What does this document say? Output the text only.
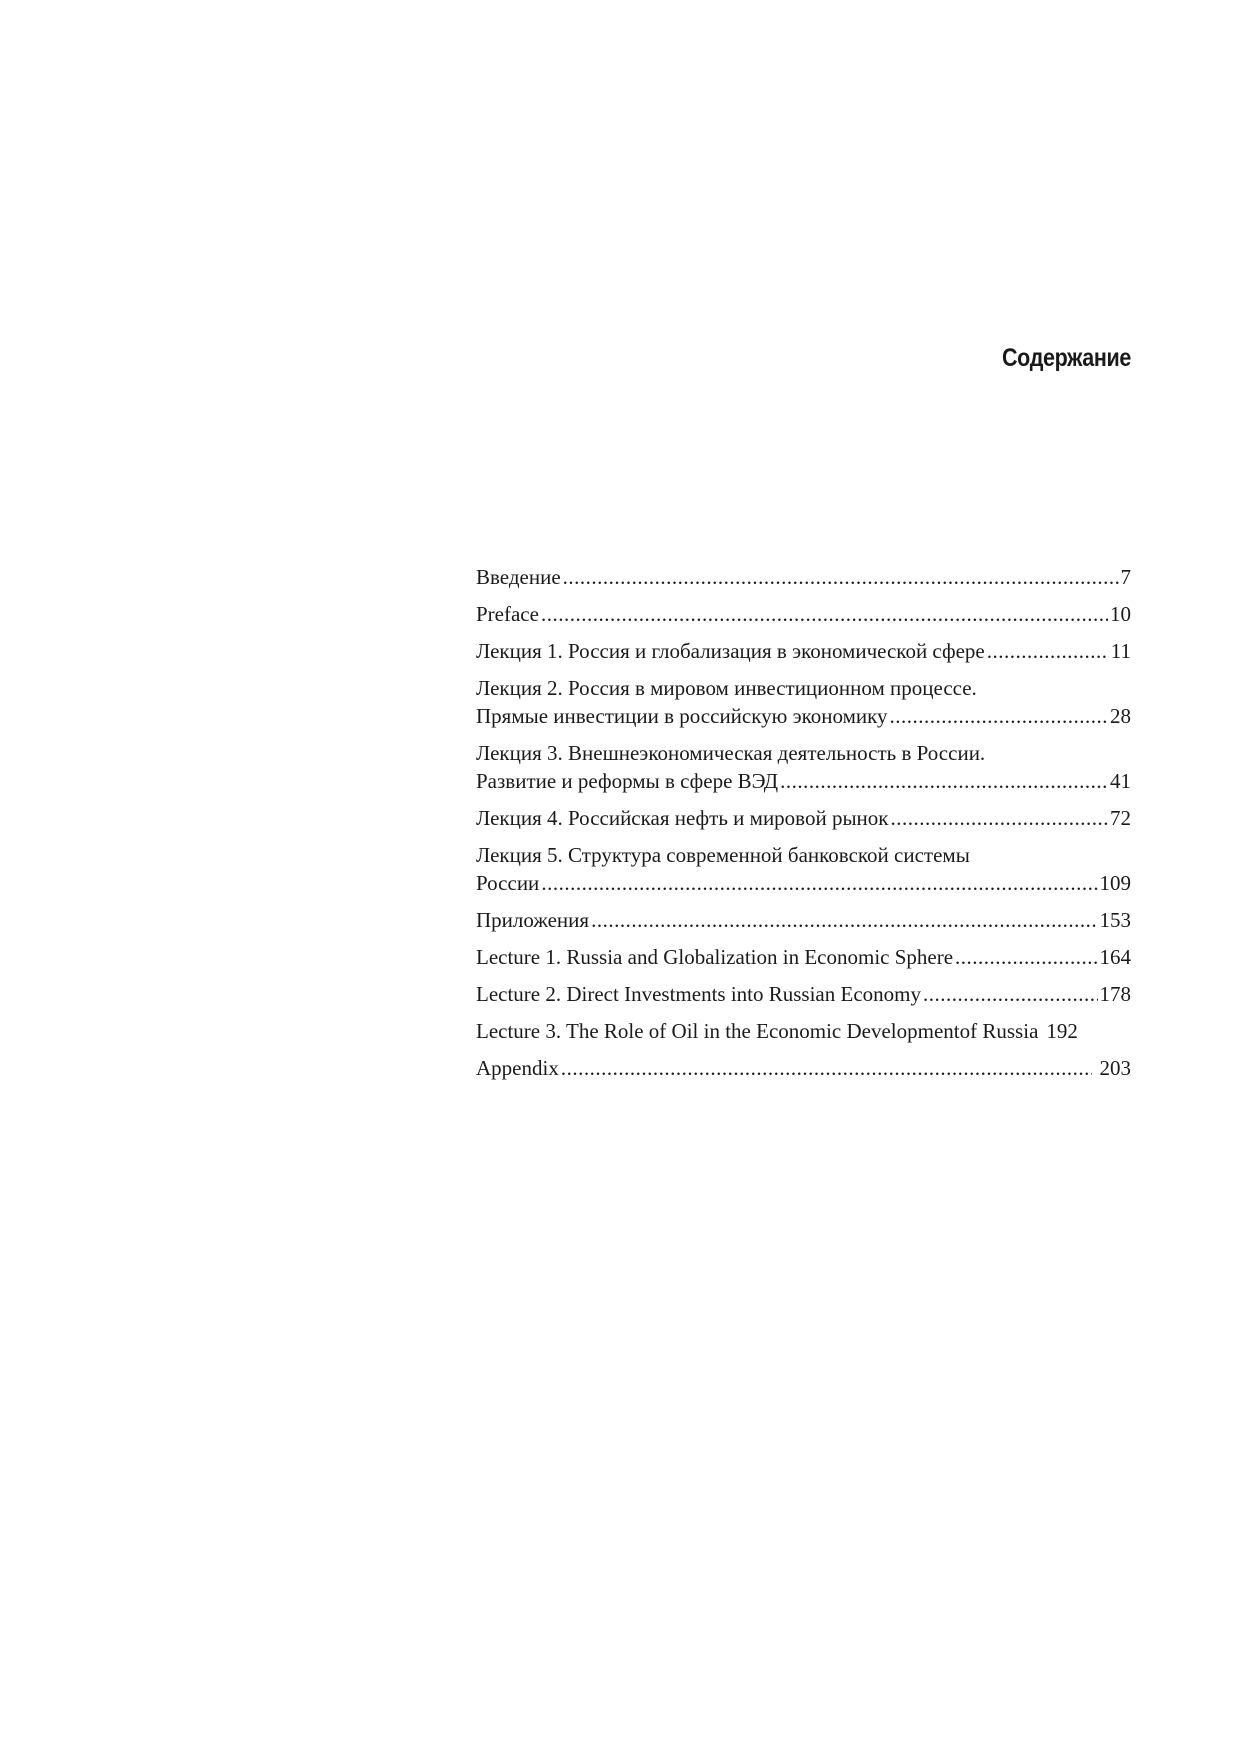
Содержание
Введение .....	7
Preface .....	10
Лекция 1. Россия и глобализация в экономической сфере .....	11
Лекция 2. Россия в мировом инвестиционном процессе.
Прямые инвестиции в российскую экономику .....	28
Лекция 3. Внешнеэкономическая деятельность в России.
Развитие и реформы в сфере ВЭД .....	41
Лекция 4. Российская нефть и мировой рынок .....	72
Лекция 5. Структура современной банковской системы
России .....	109
Приложения .....	153
Lecture 1. Russia and Globalization in Economic Sphere .....	164
Lecture 2. Direct Investments into Russian Economy .....	178
Lecture 3. The Role of Oil in the Economic Developmentof Russia 192
Appendix .....	203
